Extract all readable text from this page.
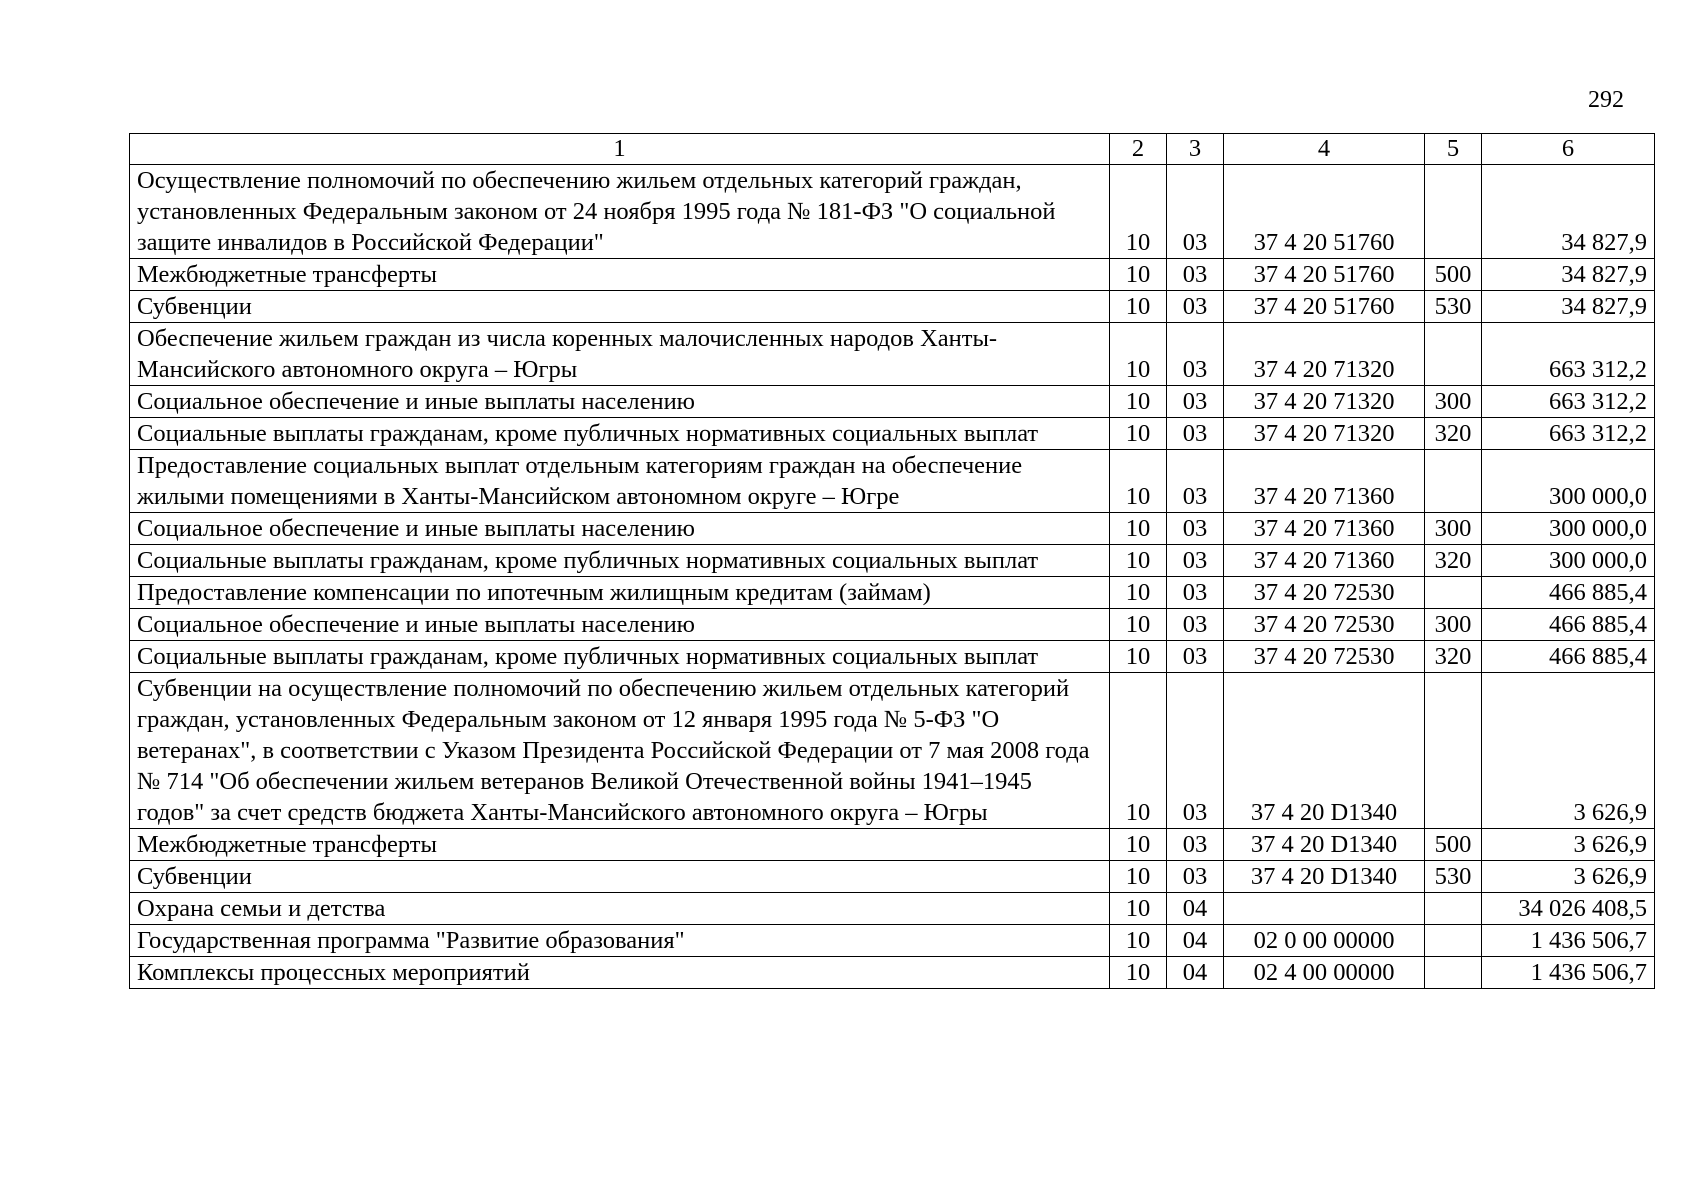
292
1	2	3	4	5	6
Осуществление полномочий по обеспечению жильем отдельных категорий граждан, установленных Федеральным законом от 24 ноября 1995 года № 181-ФЗ "О социальной защите инвалидов в Российской Федерации"	10	03	37 4 20 51760		34 827,9
Межбюджетные трансферты	10	03	37 4 20 51760	500	34 827,9
Субвенции	10	03	37 4 20 51760	530	34 827,9
Обеспечение жильем граждан из числа коренных малочисленных народов Ханты-Мансийского автономного округа – Югры	10	03	37 4 20 71320		663 312,2
Социальное обеспечение и иные выплаты населению	10	03	37 4 20 71320	300	663 312,2
Социальные выплаты гражданам, кроме публичных нормативных социальных выплат	10	03	37 4 20 71320	320	663 312,2
Предоставление социальных выплат отдельным категориям граждан на обеспечение жилыми помещениями в Ханты-Мансийском автономном округе – Югре	10	03	37 4 20 71360		300 000,0
Социальное обеспечение и иные выплаты населению	10	03	37 4 20 71360	300	300 000,0
Социальные выплаты гражданам, кроме публичных нормативных социальных выплат	10	03	37 4 20 71360	320	300 000,0
Предоставление компенсации по ипотечным жилищным кредитам (займам)	10	03	37 4 20 72530		466 885,4
Социальное обеспечение и иные выплаты населению	10	03	37 4 20 72530	300	466 885,4
Социальные выплаты гражданам, кроме публичных нормативных социальных выплат	10	03	37 4 20 72530	320	466 885,4
Субвенции на осуществление полномочий по обеспечению жильем отдельных категорий граждан, установленных Федеральным законом от 12 января 1995 года № 5-ФЗ "О ветеранах", в соответствии с Указом Президента Российской Федерации от 7 мая 2008 года № 714 "Об обеспечении жильем ветеранов Великой Отечественной войны 1941–1945 годов" за счет средств бюджета Ханты-Мансийского автономного округа – Югры	10	03	37 4 20 D1340		3 626,9
Межбюджетные трансферты	10	03	37 4 20 D1340	500	3 626,9
Субвенции	10	03	37 4 20 D1340	530	3 626,9
Охрана семьи и детства	10	04			34 026 408,5
Государственная программа "Развитие образования"	10	04	02 0 00 00000		1 436 506,7
Комплексы процессных мероприятий	10	04	02 4 00 00000		1 436 506,7
